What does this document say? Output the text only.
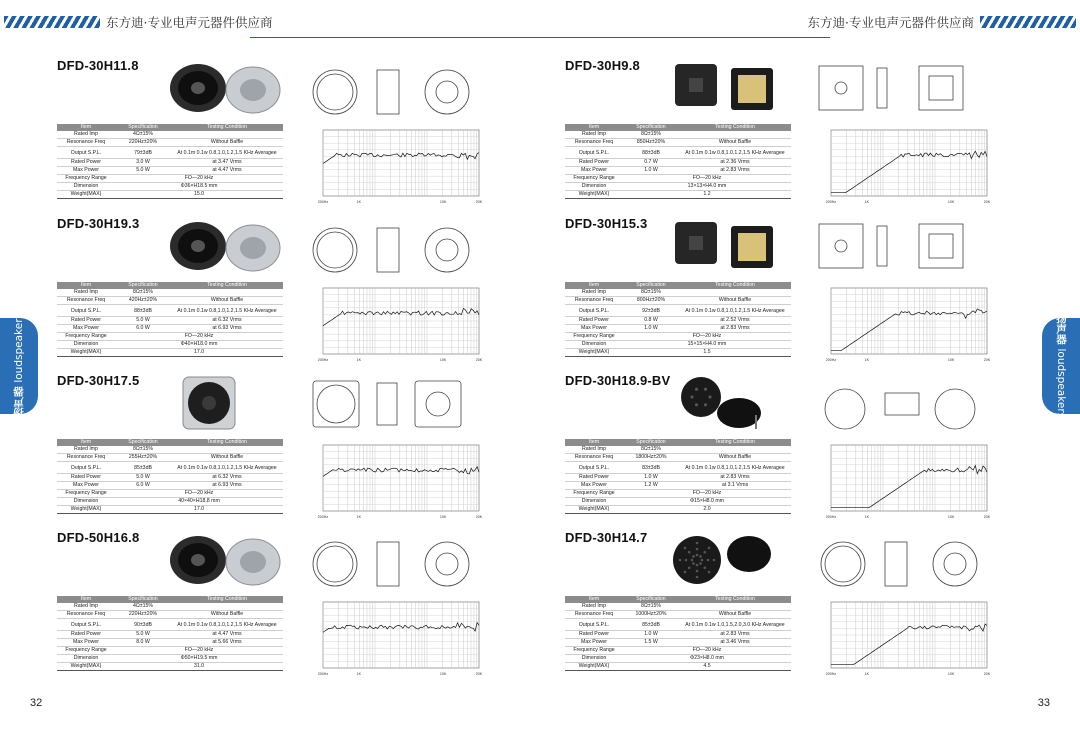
东方迪·专业电声元器件供应商	东方迪·专业电声元器件供应商
扬声器loudspeakers	扬声器loudspeakers
32	33
DFD-30H11.8
Item	Specification	Testing Condition
Rated Imp	4Ω±15%	
Resonance Freq	220Hz±20%	Without Baffle
Output S.P.L.	79±3dB	At 0.1m 0.1w 0.8,1.0,1.2,1.5 KHz Averagee
Rated Power	3.0 W	at 3.47 Vrms
Max Power	5.0 W	at 4.47 Vrms
Frequency Range	FO—20 kHz	
Dimension	Φ36×H18.5 mm	
Weight(MAX)	15.0	
200Hz	1K	10K	20K
DFD-30H9.8
Item	Specification	Testing Condition
Rated Imp	8Ω±15%	
Resonance Freq	850Hz±20%	Without Baffle
Output S.P.L.	88±3dB	At 0.1m 0.1w 0.8,1.0,1.2,1.5 KHz Averagee
Rated Power	0.7 W	at 2.36 Vrms
Max Power	1.0 W	at 2.83 Vrms
Frequency Range	FO—20 kHz	
Dimension	13×13×H4.0 mm	
Weight(MAX)	1.2	
200Hz	1K	10K	20K
DFD-30H19.3
Item	Specification	Testing Condition
Rated Imp	8Ω±15%	
Resonance Freq	420Hz±20%	Without Baffle
Output S.P.L.	88±3dB	At 0.1m 0.1w 0.8,1.0,1.2,1.5 KHz Averagee
Rated Power	5.0 W	at 6.32 Vrms
Max Power	6.0 W	at 6.93 Vrms
Frequency Range	FO—20 kHz	
Dimension	Φ40×H18.0 mm	
Weight(MAX)	17.0	
200Hz	1K	10K	20K
DFD-30H15.3
Item	Specification	Testing Condition
Rated Imp	8Ω±15%	
Resonance Freq	800Hz±20%	Without Baffle
Output S.P.L.	92±3dB	At 0.1m 0.1w 0.8,1.0,1.2,1.5 KHz Averagee
Rated Power	0.8 W	at 2.52 Vrms
Max Power	1.0 W	at 2.83 Vrms
Frequency Range	FO—20 kHz	
Dimension	15×15×H4.0 mm	
Weight(MAX)	1.5	
200Hz	1K	10K	20K
DFD-30H17.5
Item	Specification	Testing Condition
Rated Imp	8Ω±15%	
Resonance Freq	255Hz±20%	Without Baffle
Output S.P.L.	85±3dB	At 0.1m 0.1w 0.8,1.0,1.2,1.5 KHz Averagee
Rated Power	5.0 W	at 6.32 Vrms
Max Power	6.0 W	at 6.93 Vrms
Frequency Range	FO—20 kHz	
Dimension	40×40×H18.8 mm	
Weight(MAX)	17.0	
200Hz	1K	10K	20K
DFD-30H18.9-BV
Item	Specification	Testing Condition
Rated Imp	8Ω±15%	
Resonance Freq	1800Hz±20%	Without Baffle
Output S.P.L.	83±3dB	At 0.1m 0.1w 0.8,1.0,1.2,1.5 KHz Averagee
Rated Power	1.0 W	at 2.83 Vrms
Max Power	1.2 W	at 3.1 Vrms
Frequency Range	FO—20 kHz	
Dimension	Φ15×H8.0 mm	
Weight(MAX)	2.0	
200Hz	1K	10K	20K
DFD-50H16.8
Item	Specification	Testing Condition
Rated Imp	4Ω±15%	
Resonance Freq	220Hz±20%	Without Baffle
Output S.P.L.	90±3dB	At 0.1m 0.1w 0.8,1.0,1.2,1.5 KHz Averagee
Rated Power	5.0 W	at 4.47 Vrms
Max Power	8.0 W	at 5.66 Vrms
Frequency Range	FO—20 kHz	
Dimension	Φ50×H19.5 mm	
Weight(MAX)	31.0	
200Hz	1K	10K	20K
DFD-30H14.7
Item	Specification	Testing Condition
Rated Imp	8Ω±15%	
Resonance Freq	1000Hz±20%	Without Baffle
Output S.P.L.	85±3dB	At 0.1m 0.1w 1.0,1.5,2.0,3.0 KHz Averagee
Rated Power	1.0 W	at 2.83 Vrms
Max Power	1.5 W	at 3.46 Vrms
Frequency Range	FO—20 kHz	
Dimension	Φ23×H8.0 mm	
Weight(MAX)	4.5	
200Hz	1K	10K	20K
